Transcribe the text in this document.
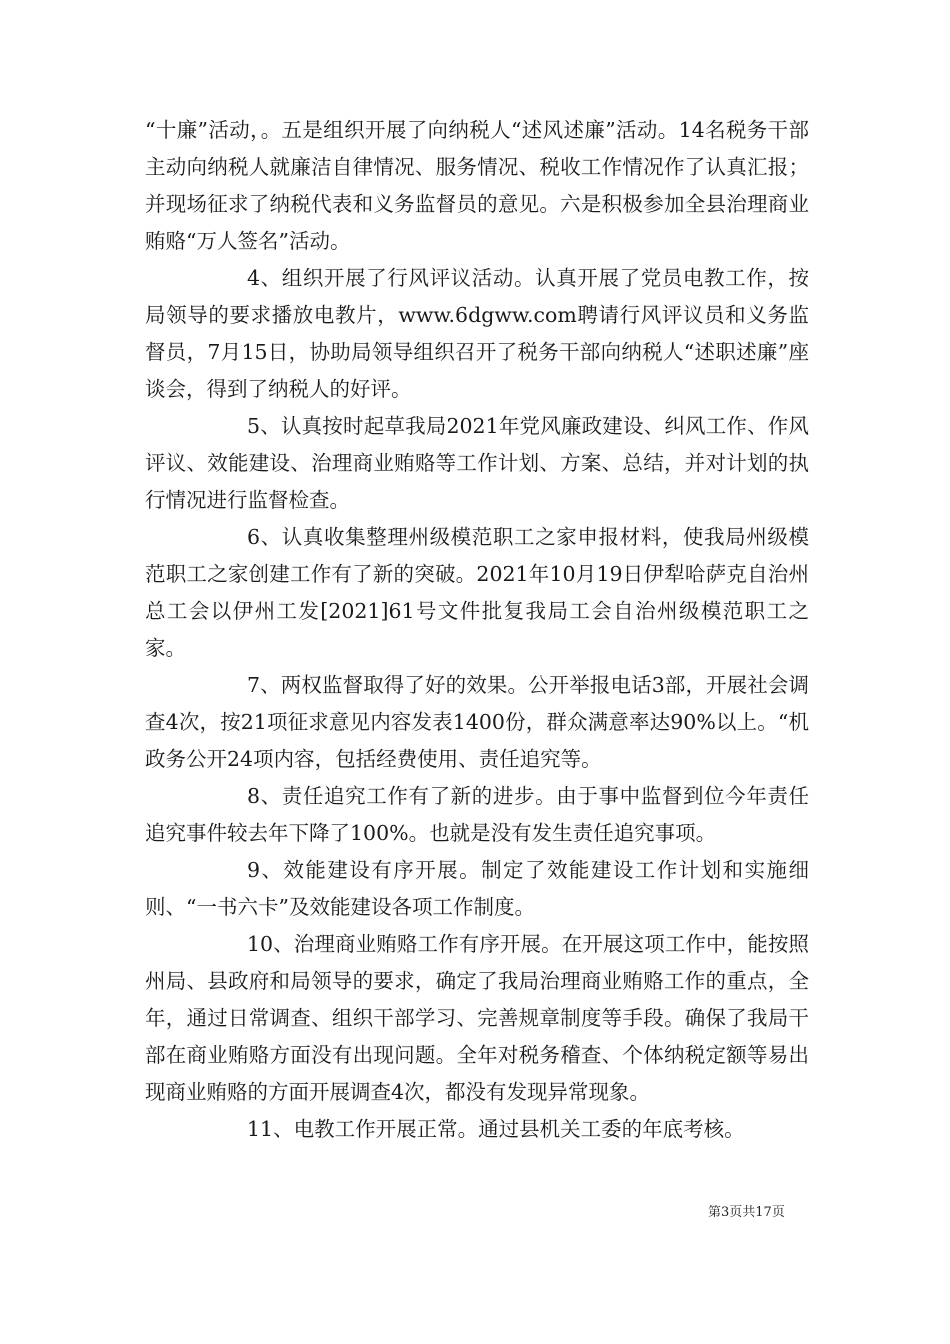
“十廉”活动，。五是组织开展了向纳税人“述风述廉”活动。14名税务干部主动向纳税人就廉洁自律情况、服务情况、税收工作情况作了认真汇报；并现场征求了纳税代表和义务监督员的意见。六是积极参加全县治理商业贿赂“万人签名”活动。

4、组织开展了行风评议活动。认真开展了党员电教工作，按局领导的要求播放电教片，www.6dgww.com聘请行风评议员和义务监督员，7月15日，协助局领导组织召开了税务干部向纳税人“述职述廉”座谈会，得到了纳税人的好评。

5、认真按时起草我局2021年党风廉政建设、纠风工作、作风评议、效能建设、治理商业贿赂等工作计划、方案、总结，并对计划的执行情况进行监督检查。

6、认真收集整理州级模范职工之家申报材料，使我局州级模范职工之家创建工作有了新的突破。2021年10月19日伊犁哈萨克自治州总工会以伊州工发[2021]61号文件批复我局工会自治州级模范职工之家。

7、两权监督取得了好的效果。公开举报电话3部，开展社会调查4次，按21项征求意见内容发表1400份，群众满意率达90%以上。“机政务公开24项内容，包括经费使用、责任追究等。

8、责任追究工作有了新的进步。由于事中监督到位今年责任追究事件较去年下降了100%。也就是没有发生责任追究事项。

9、效能建设有序开展。制定了效能建设工作计划和实施细则、“一书六卡”及效能建设各项工作制度。

10、治理商业贿赂工作有序开展。在开展这项工作中，能按照州局、县政府和局领导的要求，确定了我局治理商业贿赂工作的重点，全年，通过日常调查、组织干部学习、完善规章制度等手段。确保了我局干部在商业贿赂方面没有出现问题。全年对税务稽查、个体纳税定额等易出现商业贿赂的方面开展调查4次，都没有发现异常现象。

11、电教工作开展正常。通过县机关工委的年底考核。

第3页共17页
